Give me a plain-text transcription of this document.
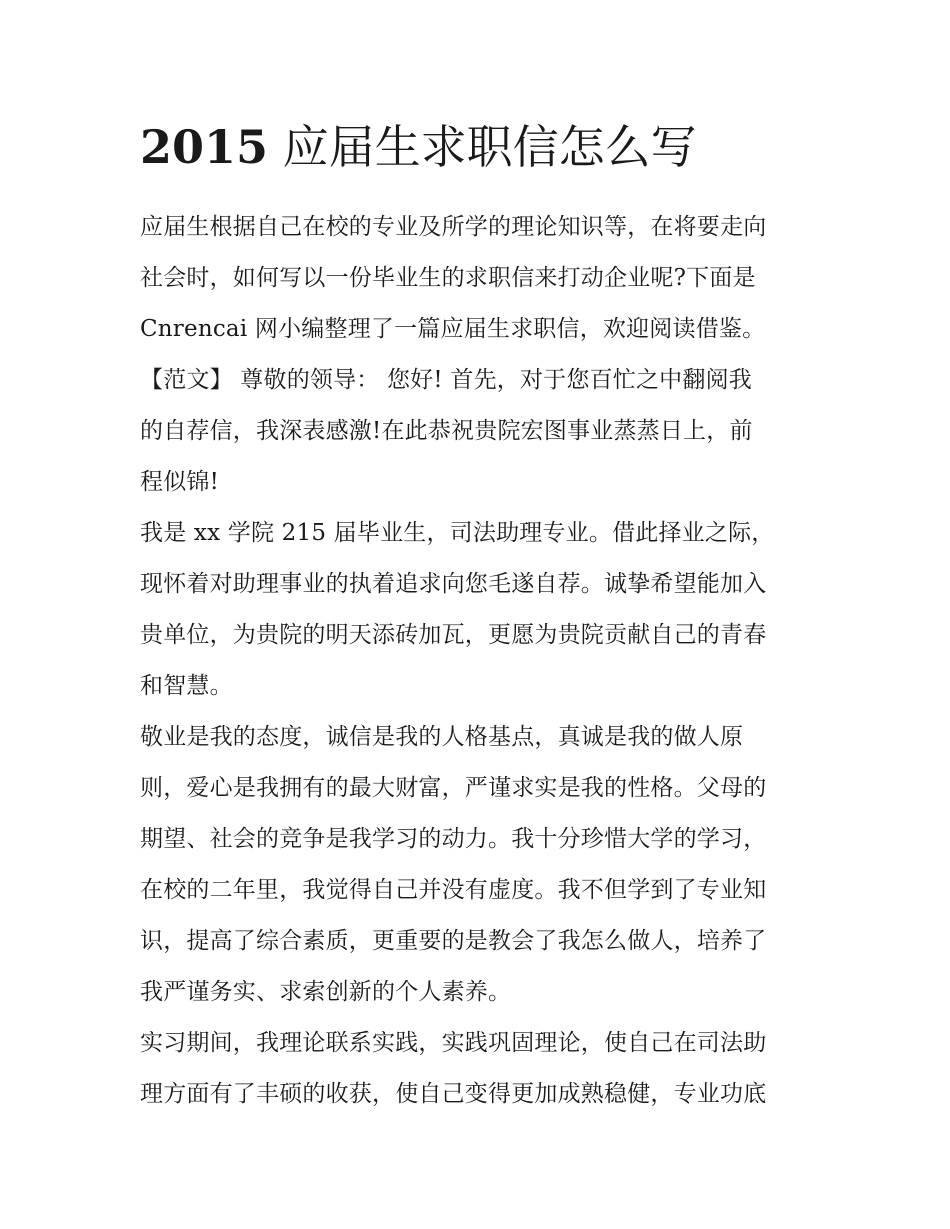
2015 应届生求职信怎么写

应届生根据自己在校的专业及所学的理论知识等，在将要走向
社会时，如何写以一份毕业生的求职信来打动企业呢?下面是
Cnrencai 网小编整理了一篇应届生求职信，欢迎阅读借鉴。

【范文】 尊敬的领导： 您好! 首先，对于您百忙之中翻阅我
的自荐信，我深表感激!在此恭祝贵院宏图事业蒸蒸日上，前
程似锦!

我是 xx 学院 215 届毕业生，司法助理专业。借此择业之际，
现怀着对助理事业的执着追求向您毛遂自荐。诚挚希望能加入
贵单位，为贵院的明天添砖加瓦，更愿为贵院贡献自己的青春
和智慧。

敬业是我的态度，诚信是我的人格基点，真诚是我的做人原
则，爱心是我拥有的最大财富，严谨求实是我的性格。父母的
期望、社会的竞争是我学习的动力。我十分珍惜大学的学习，
在校的二年里，我觉得自己并没有虚度。我不但学到了专业知
识，提高了综合素质，更重要的是教会了我怎么做人，培养了
我严谨务实、求索创新的个人素养。

实习期间，我理论联系实践，实践巩固理论，使自己在司法助
理方面有了丰硕的收获，使自己变得更加成熟稳健，专业功底
